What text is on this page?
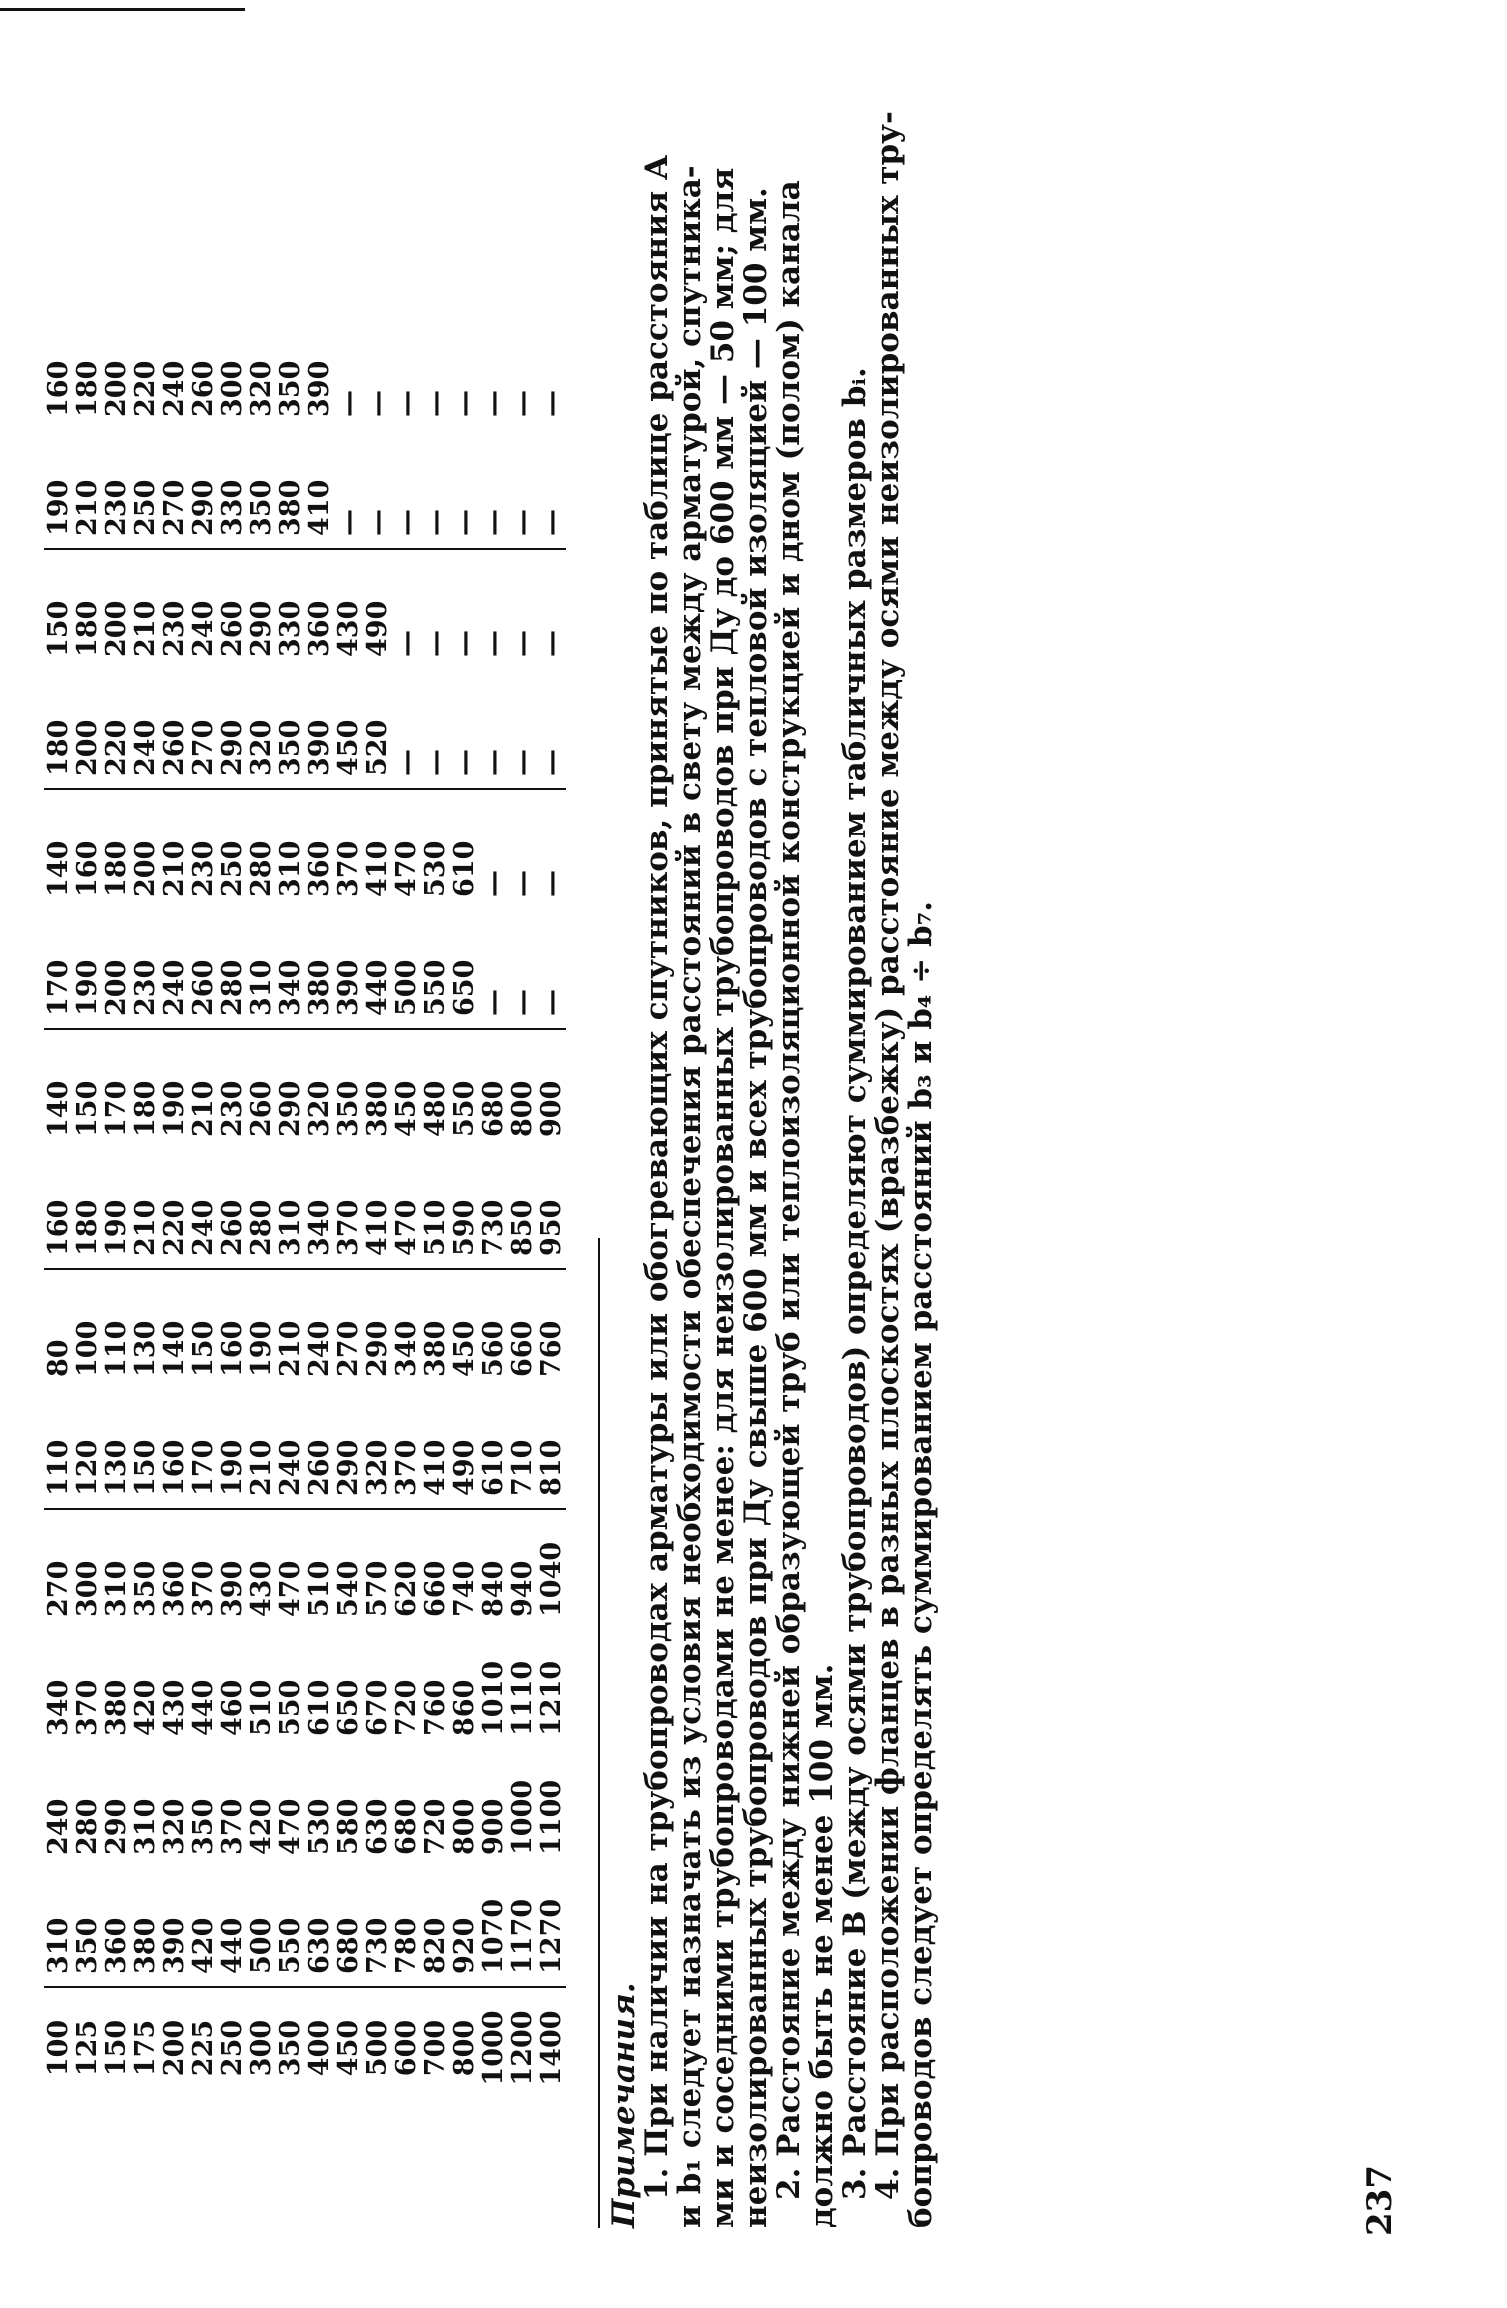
100	310	240	340	270	110	80	160	140	170	140	180	150	190	160
125	350	280	370	300	120	100	180	150	190	160	200	180	210	180
150	360	290	380	310	130	110	190	170	200	180	220	200	230	200
175	380	310	420	350	150	130	210	180	230	200	240	210	250	220
200	390	320	430	360	160	140	220	190	240	210	260	230	270	240
225	420	350	440	370	170	150	240	210	260	230	270	240	290	260
250	440	370	460	390	190	160	260	230	280	250	290	260	330	300
300	500	420	510	430	210	190	280	260	310	280	320	290	350	320
350	550	470	550	470	240	210	310	290	340	310	350	330	380	350
400	630	530	610	510	260	240	340	320	380	360	390	360	410	390
450	680	580	650	540	290	270	370	350	390	370	450	430	—	—
500	730	630	670	570	320	290	410	380	440	410	520	490	—	—
600	780	680	720	620	370	340	470	450	500	470	—	—	—	—
700	820	720	760	660	410	380	510	480	550	530	—	—	—	—
800	920	800	860	740	490	450	590	550	650	610	—	—	—	—
1000	1070	900	1010	840	610	560	730	680	—	—	—	—	—	—
1200	1170	1000	1110	940	710	660	850	800	—	—	—	—	—	—
1400	1270	1100	1210	1040	810	760	950	900	—	—	—	—	—	—
Примечания.

1. При наличии на трубопроводах арматуры или обогревающих спутников, принятые по таблице расстояния А

и b₁ следует назначать из условия необходимости обеспечения расстояний в свету между арматурой, спутника-

ми и соседними трубопроводами не менее: для неизолированных трубопроводов при Ду до 600 мм — 50 мм; для

неизолированных трубопроводов при Ду свыше 600 мм и всех трубопроводов с тепловой изоляцией — 100 мм.

2. Расстояние между нижней образующей труб или теплоизоляционной конструкцией и дном (полом) канала

должно быть не менее 100 мм.

3. Расстояние В (между осями трубопроводов) определяют суммированием табличных размеров bᵢ.

4. При расположении фланцев в разных плоскостях (вразбежку) расстояние между осями неизолированных тру-

бопроводов следует определять суммированием расстояний b₃ и b₄ ÷ b₇.	237
